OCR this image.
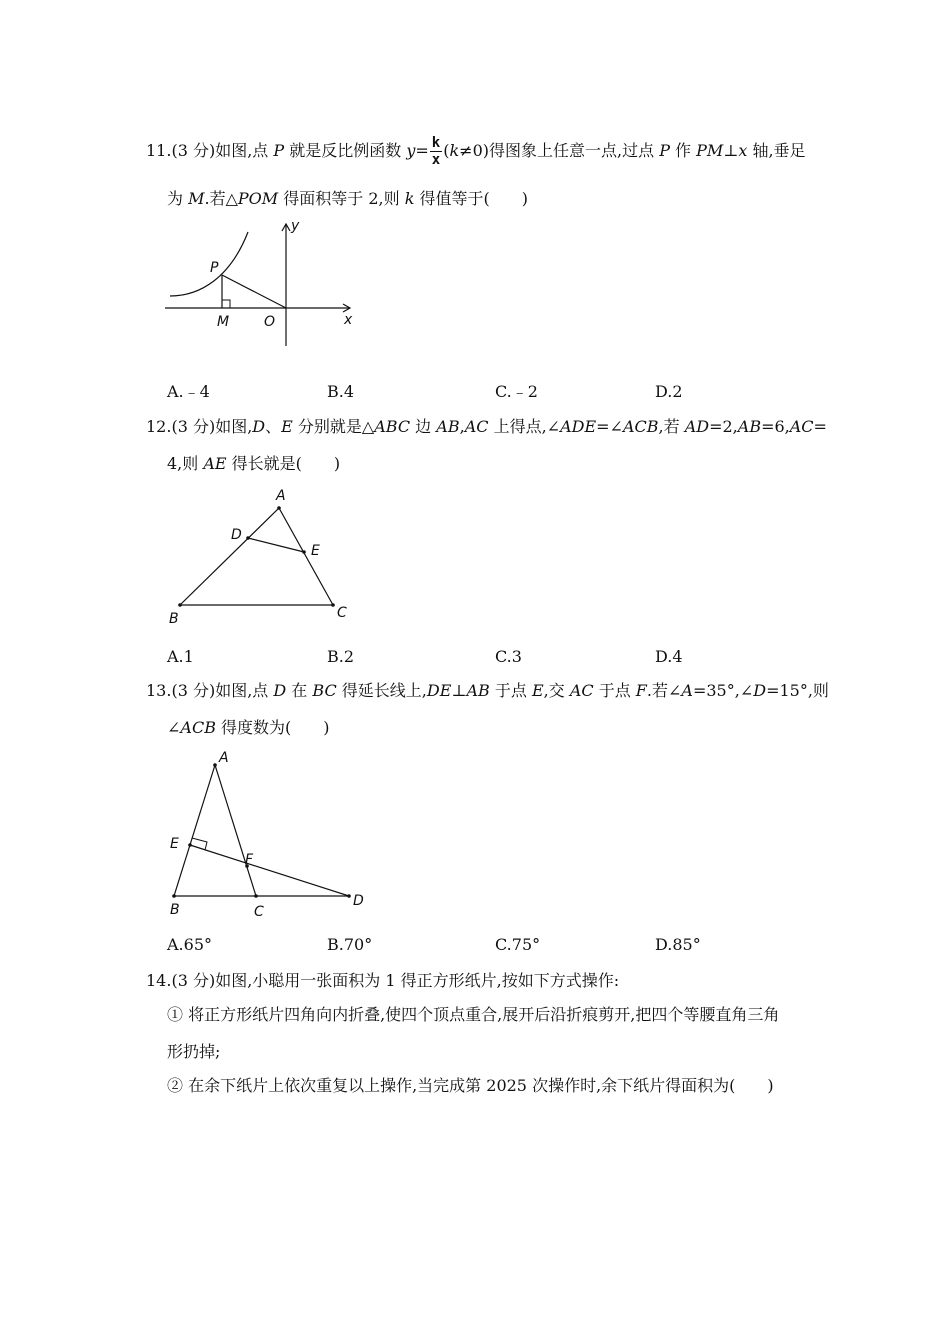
11.(3 分)如图,点 P 就是反比例函数 $y= \frac{k}{x} (k\ne 0)$得图象上任意一点,过点 P 作 PM⊥x 轴,垂足
为 M.若△POM 得面积等于 2,则 k 得值等于(　　)
P
M O	x
y
A.﹣4	B.4	C.﹣2	D.2
12.(3 分)如图,D、E 分别就是△ABC 边 AB,AC 上得点,∠ADE=∠ACB,若 AD=2,AB=6,AC=
4,则 AE 得长就是(　　)
A
B	C
D
E
A.1	B.2	C.3	D.4
13.(3 分)如图,点 D 在 BC 得延长线上,DE⊥AB 于点 E,交 AC 于点 F.若∠A=35°,∠D=15°,则
∠ACB 得度数为(　　)
A
B	C
D
E
F
A.65°	B.70°	C.75°	D.85°
14.(3 分)如图,小聪用一张面积为 1 得正方形纸片,按如下方式操作:
① 将正方形纸片四角向内折叠,使四个顶点重合,展开后沿折痕剪开,把四个等腰直角三角
形扔掉;
② 在余下纸片上依次重复以上操作,当完成第 2025 次操作时,余下纸片得面积为(　　)
